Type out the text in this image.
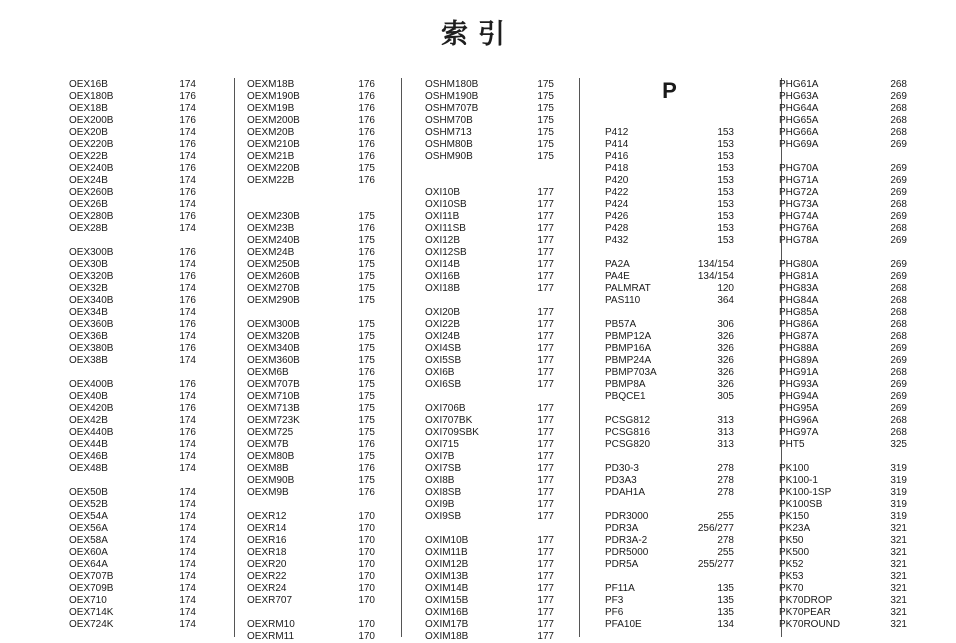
索引
OEX16B	174
OEX180B	176
OEX18B	174
OEX200B	176
OEX20B	174
OEX220B	176
OEX22B	174
OEX240B	176
OEX24B	174
OEX260B	176
OEX26B	174
OEX280B	176
OEX28B	174
OEX300B	176
OEX30B	174
OEX320B	176
OEX32B	174
OEX340B	176
OEX34B	174
OEX360B	176
OEX36B	174
OEX380B	176
OEX38B	174
OEX400B	176
OEX40B	174
OEX420B	176
OEX42B	174
OEX440B	176
OEX44B	174
OEX46B	174
OEX48B	174
OEX50B	174
OEX52B	174
OEX54A	174
OEX56A	174
OEX58A	174
OEX60A	174
OEX64A	174
OEX707B	174
OEX709B	174
OEX710	174
OEX714K	174
OEX724K	174
OEXM18B	176
OEXM190B	176
OEXM19B	176
OEXM200B	176
OEXM20B	176
OEXM210B	176
OEXM21B	176
OEXM220B	175
OEXM22B	176
OEXM230B	175
OEXM23B	176
OEXM240B	175
OEXM24B	176
OEXM250B	175
OEXM260B	175
OEXM270B	175
OEXM290B	175
OEXM300B	175
OEXM320B	175
OEXM340B	175
OEXM360B	175
OEXM6B	176
OEXM707B	175
OEXM710B	175
OEXM713B	175
OEXM723K	175
OEXM725	175
OEXM7B	176
OEXM80B	175
OEXM8B	176
OEXM90B	175
OEXM9B	176
OEXR12	170
OEXR14	170
OEXR16	170
OEXR18	170
OEXR20	170
OEXR22	170
OEXR24	170
OEXR707	170
OEXRM10	170
OEXRM11	170
OSHM180B	175
OSHM190B	175
OSHM707B	175
OSHM70B	175
OSHM713	175
OSHM80B	175
OSHM90B	175
OXI10B	177
OXI10SB	177
OXI11B	177
OXI11SB	177
OXI12B	177
OXI12SB	177
OXI14B	177
OXI16B	177
OXI18B	177
OXI20B	177
OXI22B	177
OXI24B	177
OXI4SB	177
OXI5SB	177
OXI6B	177
OXI6SB	177
OXI706B	177
OXI707BK	177
OXI709SBK	177
OXI715	177
OXI7B	177
OXI7SB	177
OXI8B	177
OXI8SB	177
OXI9B	177
OXI9SB	177
OXIM10B	177
OXIM11B	177
OXIM12B	177
OXIM13B	177
OXIM14B	177
OXIM15B	177
OXIM16B	177
OXIM17B	177
OXIM18B	177
P
P412	153
P414	153
P416	153
P418	153
P420	153
P422	153
P424	153
P426	153
P428	153
P432	153
PA2A	134/154
PA4E	134/154
PALMRAT	120
PAS110	364
PB57A	306
PBMP12A	326
PBMP16A	326
PBMP24A	326
PBMP703A	326
PBMP8A	326
PBQCE1	305
PCSG812	313
PCSG816	313
PCSG820	313
PD30-3	278
PD3A3	278
PDAH1A	278
PDR3000	255
PDR3A	256/277
PDR3A-2	278
PDR5000	255
PDR5A	255/277
PF11A	135
PF3	135
PF6	135
PFA10E	134
PHG61A	268
PHG63A	269
PHG64A	268
PHG65A	268
PHG66A	268
PHG69A	269
PHG70A	269
PHG71A	269
PHG72A	269
PHG73A	268
PHG74A	269
PHG76A	268
PHG78A	269
PHG80A	269
PHG81A	269
PHG83A	268
PHG84A	268
PHG85A	268
PHG86A	268
PHG87A	268
PHG88A	269
PHG89A	269
PHG91A	268
PHG93A	269
PHG94A	269
PHG95A	269
PHG96A	268
PHG97A	268
PHT5	325
PK100	319
PK100-1	319
PK100-1SP	319
PK100SB	319
PK150	319
PK23A	321
PK50	321
PK500	321
PK52	321
PK53	321
PK70	321
PK70DROP	321
PK70PEAR	321
PK70ROUND	321
